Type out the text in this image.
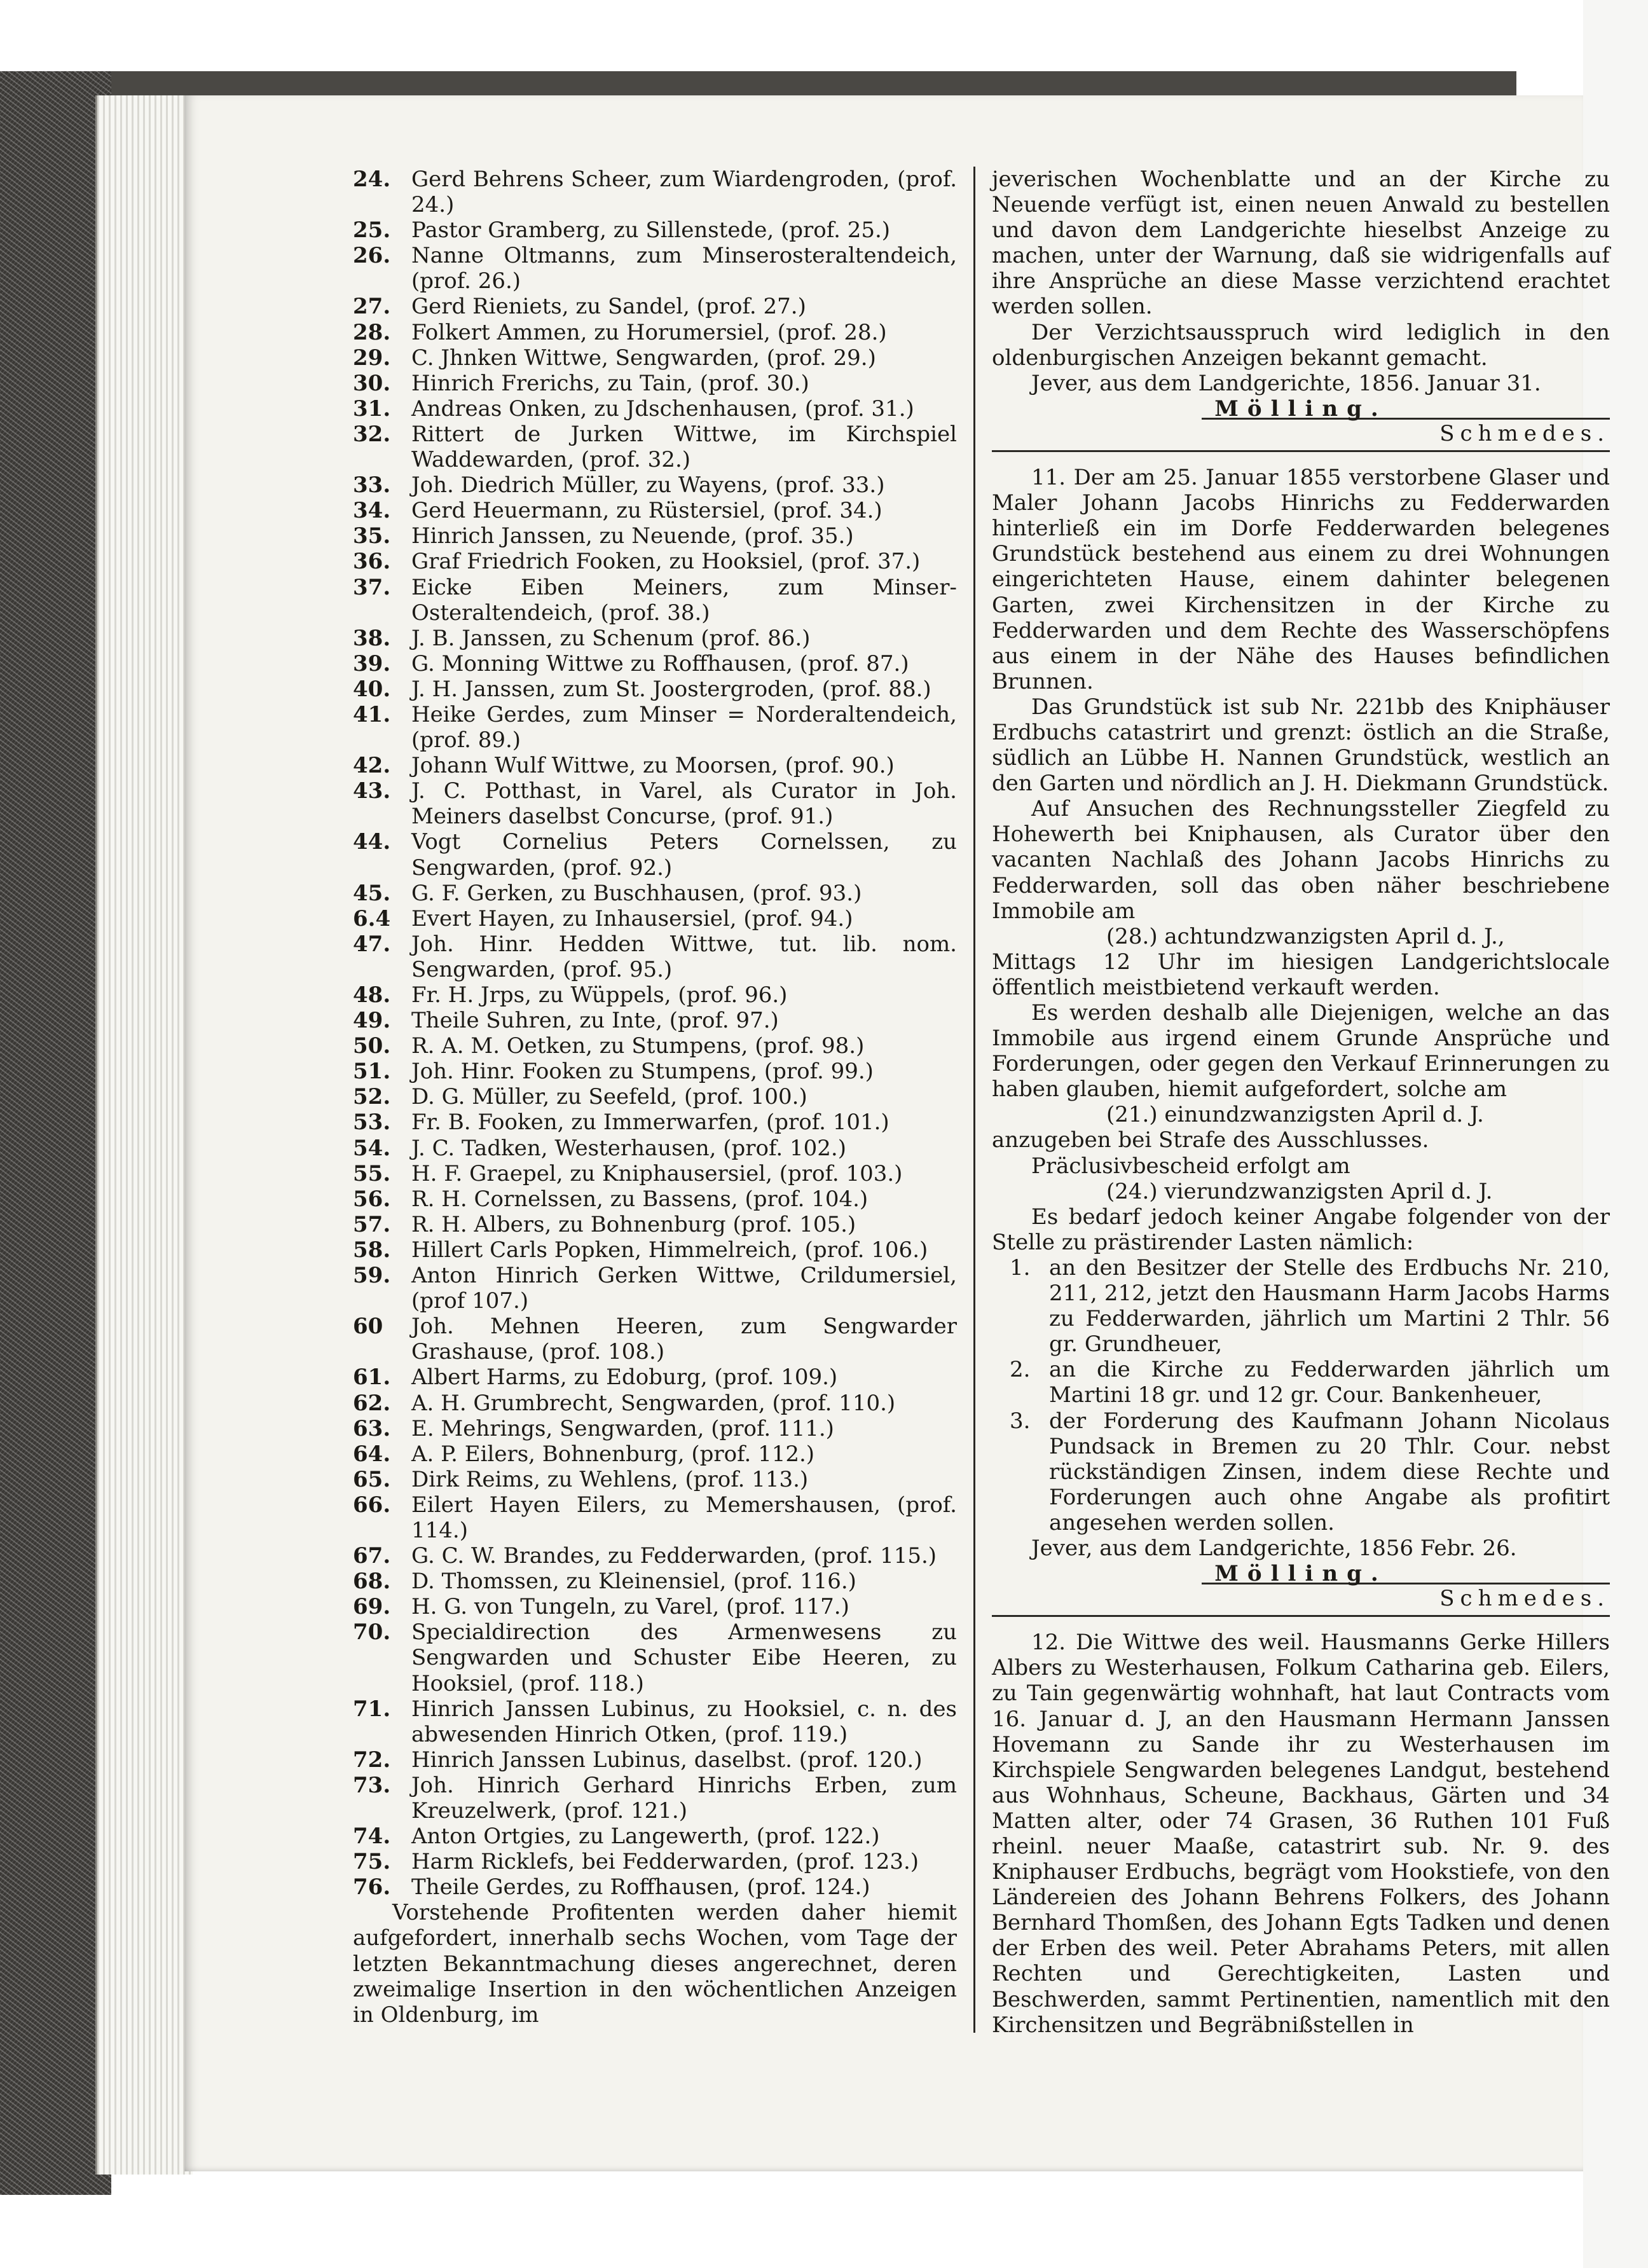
24. Gerd Behrens Scheer, zum Wiardengroden, (prof. 24.)
25. Pastor Gramberg, zu Sillenstede, (prof. 25.)
26. Nanne Oltmanns, zum Minserosteraltendeich, (prof. 26.)
27. Gerd Rieniets, zu Sandel, (prof. 27.)
28. Folkert Ammen, zu Horumersiel, (prof. 28.)
29. C. Jhnken Wittwe, Sengwarden, (prof. 29.)
30. Hinrich Frerichs, zu Tain, (prof. 30.)
31. Andreas Onken, zu Jdschenhausen, (prof. 31.)
32. Rittert de Jurken Wittwe, im Kirchspiel Waddewarden, (prof. 32.)
33. Joh. Diedrich Müller, zu Wayens, (prof. 33.)
34. Gerd Heuermann, zu Rüstersiel, (prof. 34.)
35. Hinrich Janssen, zu Neuende, (prof. 35.)
36. Graf Friedrich Fooken, zu Hooksiel, (prof. 37.)
37. Eicke Eiben Meiners, zum Minser-Osteraltendeich, (prof. 38.)
38. J. B. Janssen, zu Schenum (prof. 86.)
39. G. Monning Wittwe zu Roffhausen, (prof. 87.)
40. J. H. Janssen, zum St. Joostergroden, (prof. 88.)
41. Heike Gerdes, zum Minser = Norderaltendeich, (prof. 89.)
42. Johann Wulf Wittwe, zu Moorsen, (prof. 90.)
43. J. C. Potthast, in Varel, als Curator in Joh. Meiners daselbst Concurse, (prof. 91.)
44. Vogt Cornelius Peters Cornelssen, zu Sengwarden, (prof. 92.)
45. G. F. Gerken, zu Buschhausen, (prof. 93.)
6.4 Evert Hayen, zu Inhausersiel, (prof. 94.)
47. Joh. Hinr. Hedden Wittwe, tut. lib. nom. Sengwarden, (prof. 95.)
48. Fr. H. Jrps, zu Wüppels, (prof. 96.)
49. Theile Suhren, zu Inte, (prof. 97.)
50. R. A. M. Oetken, zu Stumpens, (prof. 98.)
51. Joh. Hinr. Fooken zu Stumpens, (prof. 99.)
52. D. G. Müller, zu Seefeld, (prof. 100.)
53. Fr. B. Fooken, zu Immerwarfen, (prof. 101.)
54. J. C. Tadken, Westerhausen, (prof. 102.)
55. H. F. Graepel, zu Kniphausersiel, (prof. 103.)
56. R. H. Cornelssen, zu Bassens, (prof. 104.)
57. R. H. Albers, zu Bohnenburg (prof. 105.)
58. Hillert Carls Popken, Himmelreich, (prof. 106.)
59. Anton Hinrich Gerken Wittwe, Crildumersiel, (prof 107.)
60	Joh. Mehnen Heeren, zum Sengwarder Grashause, (prof. 108.)
61. Albert Harms, zu Edoburg, (prof. 109.)
62. A. H. Grumbrecht, Sengwarden, (prof. 110.)
63. E. Mehrings, Sengwarden, (prof. 111.)
64. A. P. Eilers, Bohnenburg, (prof. 112.)
65. Dirk Reims, zu Wehlens, (prof. 113.)
66. Eilert Hayen Eilers, zu Memershausen, (prof. 114.)
67. G. C. W. Brandes, zu Fedderwarden, (prof. 115.)
68. D. Thomssen, zu Kleinensiel, (prof. 116.)
69. H. G. von Tungeln, zu Varel, (prof. 117.)
70. Specialdirection des Armenwesens zu Sengwarden und Schuster Eibe Heeren, zu Hooksiel, (prof. 118.)
71. Hinrich Janssen Lubinus, zu Hooksiel, c. n. des abwesenden Hinrich Otken, (prof. 119.)
72. Hinrich Janssen Lubinus, daselbst. (prof. 120.)
73. Joh. Hinrich Gerhard Hinrichs Erben, zum Kreuzelwerk, (prof. 121.)
74. Anton Ortgies, zu Langewerth, (prof. 122.)
75. Harm Ricklefs, bei Fedderwarden, (prof. 123.)
76. Theile Gerdes, zu Roffhausen, (prof. 124.)

Vorstehende Profitenten werden daher hiemit aufgefordert, innerhalb sechs Wochen, vom Tage der letzten Bekanntmachung dieses angerechnet, deren zweimalige Insertion in den wöchentlichen Anzeigen in Oldenburg, im

jeverischen Wochenblatte und an der Kirche zu Neuende verfügt ist, einen neuen Anwald zu bestellen und davon dem Landgerichte hieselbst Anzeige zu machen, unter der Warnung, daß sie widrigenfalls auf ihre Ansprüche an diese Masse verzichtend erachtet werden sollen.

Der Verzichtsausspruch wird lediglich in den oldenburgischen Anzeigen bekannt gemacht.

Jever, aus dem Landgerichte, 1856. Januar 31.

Mölling.

Schmedes.

11. Der am 25. Januar 1855 verstorbene Glaser und Maler Johann Jacobs Hinrichs zu Fedderwarden hinterließ ein im Dorfe Fedderwarden belegenes Grundstück bestehend aus einem zu drei Wohnungen eingerichteten Hause, einem dahinter belegenen Garten, zwei Kirchensitzen in der Kirche zu Fedderwarden und dem Rechte des Wasserschöpfens aus einem in der Nähe des Hauses befindlichen Brunnen.

Das Grundstück ist sub Nr. 221bb des Kniphäuser Erdbuchs catastrirt und grenzt: östlich an die Straße, südlich an Lübbe H. Nannen Grundstück, westlich an den Garten und nördlich an J. H. Diekmann Grundstück.

Auf Ansuchen des Rechnungssteller Ziegfeld zu Hohewerth bei Kniphausen, als Curator über den vacanten Nachlaß des Johann Jacobs Hinrichs zu Fedderwarden, soll das oben näher beschriebene Immobile am

(28.) achtundzwanzigsten April d. J.,

Mittags 12 Uhr im hiesigen Landgerichtslocale öffentlich meistbietend verkauft werden.

Es werden deshalb alle Diejenigen, welche an das Immobile aus irgend einem Grunde Ansprüche und Forderungen, oder gegen den Verkauf Erinnerungen zu haben glauben, hiemit aufgefordert, solche am

(21.) einundzwanzigsten April d. J.

anzugeben bei Strafe des Ausschlusses.

Präclusivbescheid erfolgt am

(24.) vierundzwanzigsten April d. J.

Es bedarf jedoch keiner Angabe folgender von der Stelle zu prästirender Lasten nämlich:

1. an den Besitzer der Stelle des Erdbuchs Nr. 210, 211, 212, jetzt den Hausmann Harm Jacobs Harms zu Fedderwarden, jährlich um Martini 2 Thlr. 56 gr. Grundheuer,
2. an die Kirche zu Fedderwarden jährlich um Martini 18 gr. und 12 gr. Cour. Bankenheuer,
3. der Forderung des Kaufmann Johann Nicolaus Pundsack in Bremen zu 20 Thlr. Cour. nebst rückständigen Zinsen, indem diese Rechte und Forderungen auch ohne Angabe als profitirt angesehen werden sollen.

Jever, aus dem Landgerichte, 1856 Febr. 26.

Mölling.

Schmedes.

12. Die Wittwe des weil. Hausmanns Gerke Hillers Albers zu Westerhausen, Folkum Catharina geb. Eilers, zu Tain gegenwärtig wohnhaft, hat laut Contracts vom 16. Januar d. J, an den Hausmann Hermann Janssen Hovemann zu Sande ihr zu Westerhausen im Kirchspiele Sengwarden belegenes Landgut, bestehend aus Wohnhaus, Scheune, Backhaus, Gärten und 34 Matten alter, oder 74 Grasen, 36 Ruthen 101 Fuß rheinl. neuer Maaße, catastrirt sub. Nr. 9. des Kniphauser Erdbuchs, begrägt vom Hookstiefe, von den Ländereien des Johann Behrens Folkers, des Johann Bernhard Thomßen, des Johann Egts Tadken und denen der Erben des weil. Peter Abrahams Peters, mit allen Rechten und Gerechtigkeiten, Lasten und Beschwerden, sammt Pertinentien, namentlich mit den Kirchensitzen und Begräbnißstellen in
